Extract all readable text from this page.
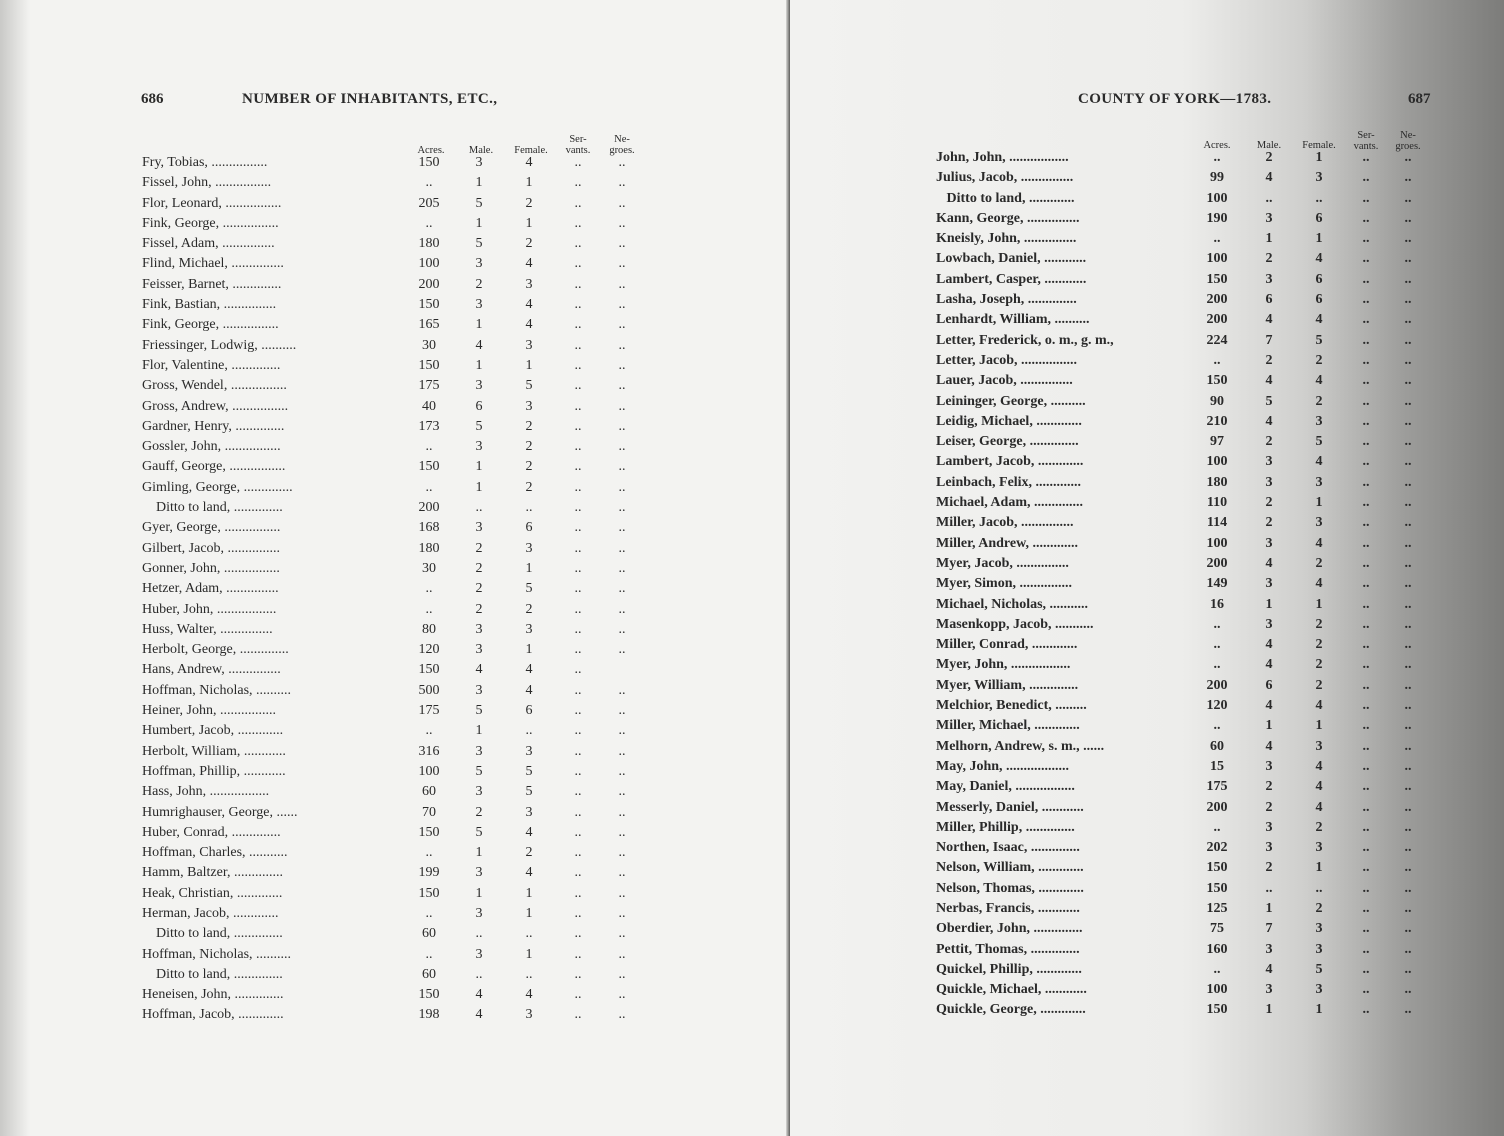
686	NUMBER OF INHABITANTS, ETC.,
Acres.	Male.	Female.
Ser-
vants.
Ne-
groes.
Fry, Tobias, ................	150	3	4	..	..
Fissel, John, ................	..	1	1	..	..
Flor, Leonard, ................	205	5	2	..	..
Fink, George, ................	..	1	1	..	..
Fissel, Adam, ...............	180	5	2	..	..
Flind, Michael, ...............	100	3	4	..	..
Feisser, Barnet, ..............	200	2	3	..	..
Fink, Bastian, ...............	150	3	4	..	..
Fink, George, ................	165	1	4	..	..
Friessinger, Lodwig, ..........	30	4	3	..	..
Flor, Valentine, ..............	150	1	1	..	..
Gross, Wendel, ................	175	3	5	..	..
Gross, Andrew, ................	40	6	3	..	..
Gardner, Henry, ..............	173	5	2	..	..
Gossler, John, ................	..	3	2	..	..
Gauff, George, ................	150	1	2	..	..
Gimling, George, ..............	..	1	2	..	..
Ditto to land, ..............	200	..	..	..	..
Gyer, George, ................	168	3	6	..	..
Gilbert, Jacob, ...............	180	2	3	..	..
Gonner, John, ................	30	2	1	..	..
Hetzer, Adam, ...............	..	2	5	..	..
Huber, John, .................	..	2	2	..	..
Huss, Walter, ...............	80	3	3	..	..
Herbolt, George, ..............	120	3	1	..	..
Hans, Andrew, ...............	150	4	4	..
Hoffman, Nicholas, ..........	500	3	4	..	..
Heiner, John, ................	175	5	6	..	..
Humbert, Jacob, .............	..	1	..	..	..
Herbolt, William, ............	316	3	3	..	..
Hoffman, Phillip, ............	100	5	5	..	..
Hass, John, .................	60	3	5	..	..
Humrighauser, George, ......	70	2	3	..	..
Huber, Conrad, ..............	150	5	4	..	..
Hoffman, Charles, ...........	..	1	2	..	..
Hamm, Baltzer, ..............	199	3	4	..	..
Heak, Christian, .............	150	1	1	..	..
Herman, Jacob, .............	..	3	1	..	..
Ditto to land, ..............	60	..	..	..	..
Hoffman, Nicholas, ..........	..	3	1	..	..
Ditto to land, ..............	60	..	..	..	..
Heneisen, John, ..............	150	4	4	..	..
Hoffman, Jacob, .............	198	4	3	..	..
COUNTY OF YORK—1783.	687
Acres.	Male.	Female.
Ser-
vants.
Ne-
groes.
John, John, .................	..	2	1	..	..
Julius, Jacob, ...............	99	4	3	..	..
Ditto to land, .............	100	..	..	..	..
Kann, George, ...............	190	3	6	..	..
Kneisly, John, ...............	..	1	1	..	..
Lowbach, Daniel, ............	100	2	4	..	..
Lambert, Casper, ............	150	3	6	..	..
Lasha, Joseph, ..............	200	6	6	..	..
Lenhardt, William, ..........	200	4	4	..	..
Letter, Frederick, o. m., g. m.,	224	7	5	..	..
Letter, Jacob, ................	..	2	2	..	..
Lauer, Jacob, ...............	150	4	4	..	..
Leininger, George, ..........	90	5	2	..	..
Leidig, Michael, .............	210	4	3	..	..
Leiser, George, ..............	97	2	5	..	..
Lambert, Jacob, .............	100	3	4	..	..
Leinbach, Felix, .............	180	3	3	..	..
Michael, Adam, ..............	110	2	1	..	..
Miller, Jacob, ...............	114	2	3	..	..
Miller, Andrew, .............	100	3	4	..	..
Myer, Jacob, ...............	200	4	2	..	..
Myer, Simon, ...............	149	3	4	..	..
Michael, Nicholas, ...........	16	1	1	..	..
Masenkopp, Jacob, ...........	..	3	2	..	..
Miller, Conrad, .............	..	4	2	..	..
Myer, John, .................	..	4	2	..	..
Myer, William, ..............	200	6	2	..	..
Melchior, Benedict, .........	120	4	4	..	..
Miller, Michael, .............	..	1	1	..	..
Melhorn, Andrew, s. m., ......	60	4	3	..	..
May, John, ..................	15	3	4	..	..
May, Daniel, .................	175	2	4	..	..
Messerly, Daniel, ............	200	2	4	..	..
Miller, Phillip, ..............	..	3	2	..	..
Northen, Isaac, ..............	202	3	3	..	..
Nelson, William, .............	150	2	1	..	..
Nelson, Thomas, .............	150	..	..	..	..
Nerbas, Francis, ............	125	1	2	..	..
Oberdier, John, ..............	75	7	3	..	..
Pettit, Thomas, ..............	160	3	3	..	..
Quickel, Phillip, .............	..	4	5	..	..
Quickle, Michael, ............	100	3	3	..	..
Quickle, George, .............	150	1	1	..	..
